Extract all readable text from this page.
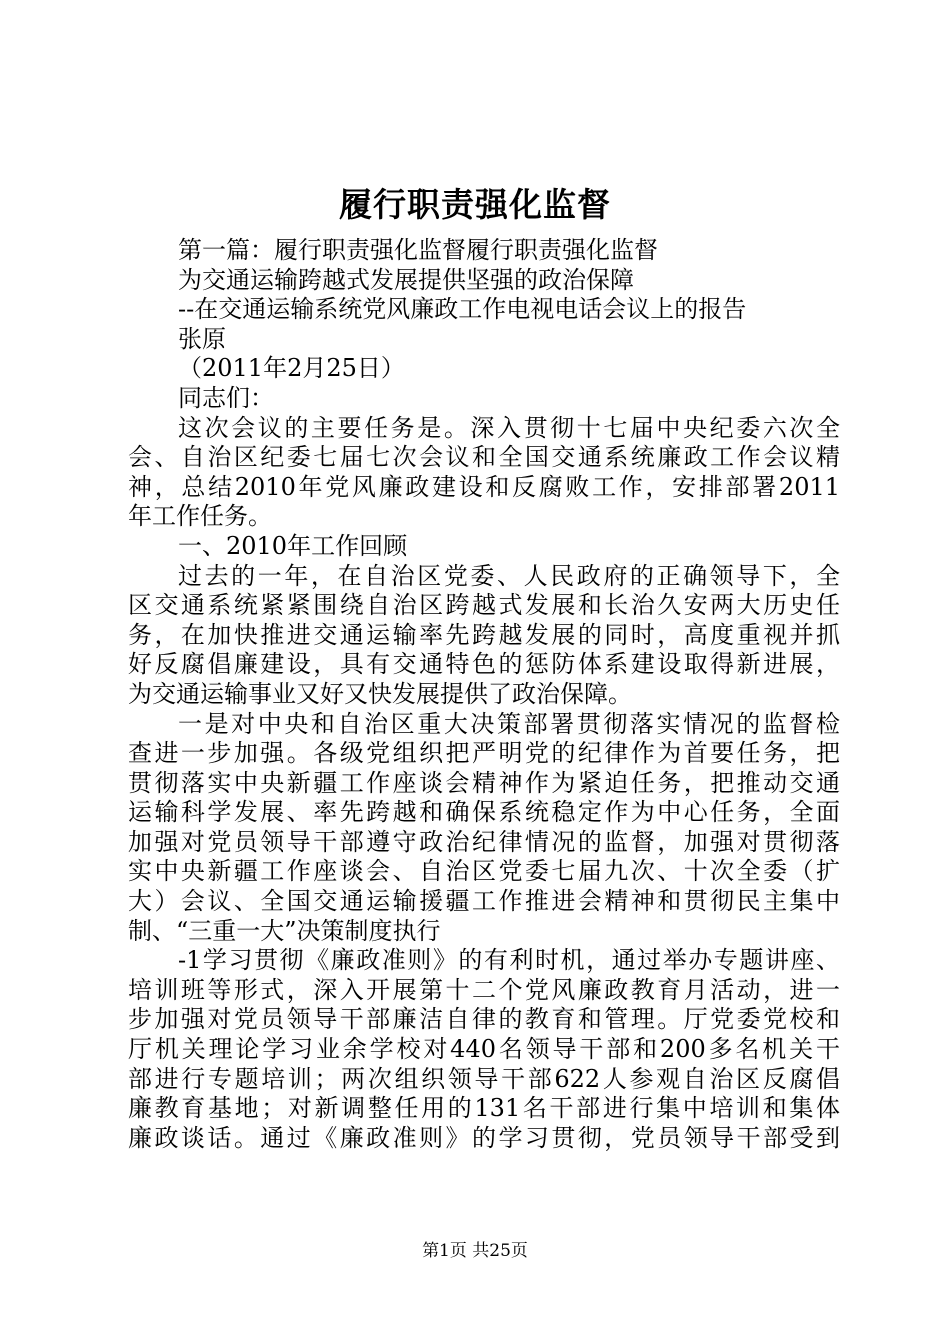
履行职责强化监督
第一篇：履行职责强化监督履行职责强化监督
为交通运输跨越式发展提供坚强的政治保障
--在交通运输系统党风廉政工作电视电话会议上的报告
张原
（2011年2月25日）
同志们：
这次会议的主要任务是。深入贯彻十七届中央纪委六次全
会、自治区纪委七届七次会议和全国交通系统廉政工作会议精
神，总结2010年党风廉政建设和反腐败工作，安排部署2011
年工作任务。
一、2010年工作回顾
过去的一年，在自治区党委、人民政府的正确领导下，全
区交通系统紧紧围绕自治区跨越式发展和长治久安两大历史任
务，在加快推进交通运输率先跨越发展的同时，高度重视并抓
好反腐倡廉建设，具有交通特色的惩防体系建设取得新进展，
为交通运输事业又好又快发展提供了政治保障。
一是对中央和自治区重大决策部署贯彻落实情况的监督检
查进一步加强。各级党组织把严明党的纪律作为首要任务，把
贯彻落实中央新疆工作座谈会精神作为紧迫任务，把推动交通
运输科学发展、率先跨越和确保系统稳定作为中心任务，全面
加强对党员领导干部遵守政治纪律情况的监督，加强对贯彻落
实中央新疆工作座谈会、自治区党委七届九次、十次全委（扩
大）会议、全国交通运输援疆工作推进会精神和贯彻民主集中
制、“三重一大”决策制度执行
-1学习贯彻《廉政准则》的有利时机，通过举办专题讲座、
培训班等形式，深入开展第十二个党风廉政教育月活动，进一
步加强对党员领导干部廉洁自律的教育和管理。厅党委党校和
厅机关理论学习业余学校对440名领导干部和200多名机关干
部进行专题培训；两次组织领导干部622人参观自治区反腐倡
廉教育基地；对新调整任用的131名干部进行集中培训和集体
廉政谈话。通过《廉政准则》的学习贯彻，党员领导干部受到
第1页 共25页
